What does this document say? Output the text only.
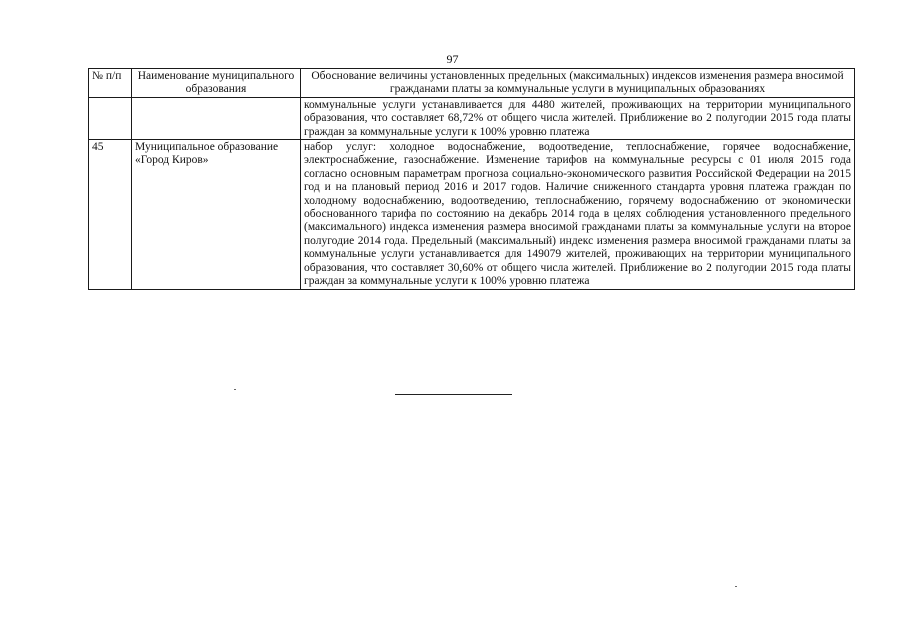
97
№ п/п	Наименование муниципального образования	Обоснование величины установленных предельных (максимальных) индексов изменения размера вносимой гражданами платы за коммунальные услуги в муниципальных образованиях
		коммунальные услуги устанавливается для 4480 жителей, проживающих на территории муниципального образования, что составляет 68,72% от общего числа жителей. Приближение во 2 полугодии 2015 года платы граждан за коммунальные услуги к 100% уровню платежа
45	Муниципальное образование «Город Киров»	набор услуг: холодное водоснабжение, водоотведение, теплоснабжение, горячее водоснабжение, электроснабжение, газоснабжение. Изменение тарифов на коммунальные ресурсы с 01 июля 2015 года согласно основным параметрам прогноза социально-экономического развития Российской Федерации на 2015 год и на плановый период 2016 и 2017 годов. Наличие сниженного стандарта уровня платежа граждан по холодному водоснабжению, водоотведению, теплоснабжению, горячему водоснабжению от экономически обоснованного тарифа по состоянию на декабрь 2014 года в целях соблюдения установленного предельного (максимального) индекса изменения размера вносимой гражданами платы за коммунальные услуги на второе полугодие 2014 года. Предельный (максимальный) индекс изменения размера вносимой гражданами платы за коммунальные услуги устанавливается для 149079 жителей, проживающих на территории муниципального образования, что составляет 30,60% от общего числа жителей. Приближение во 2 полугодии 2015 года платы граждан за коммунальные услуги к 100% уровню платежа
